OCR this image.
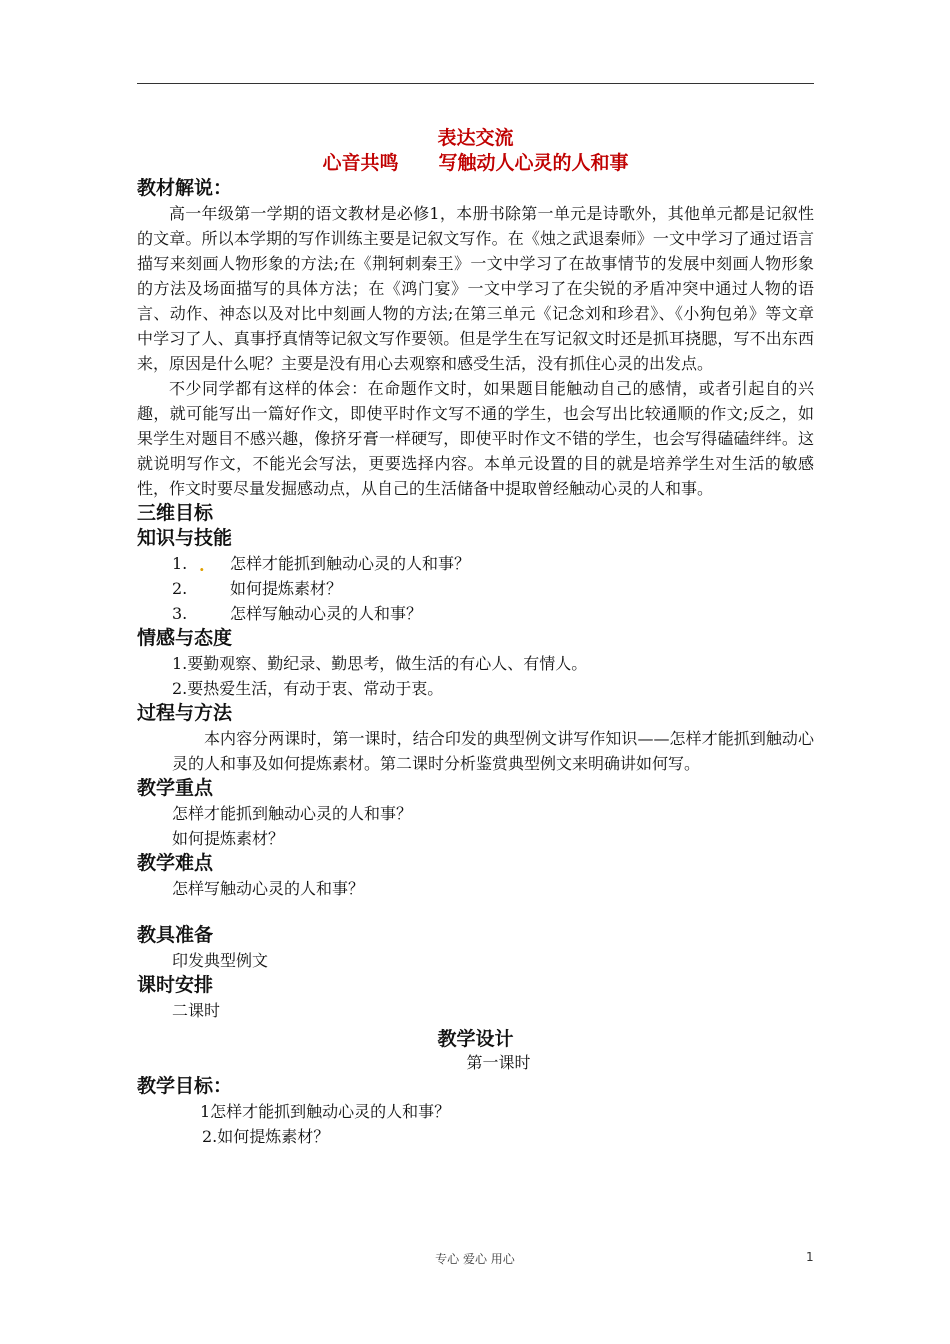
表达交流
心音共鸣 写触动人心灵的人和事
教材解说：

高一年级第一学期的语文教材是必修1，本册书除第一单元是诗歌外，其他单元都是记叙性的文章。所以本学期的写作训练主要是记叙文写作。在《烛之武退秦师》一文中学习了通过语言描写来刻画人物形象的方法;在《荆轲刺秦王》一文中学习了在故事情节的发展中刻画人物形象的方法及场面描写的具体方法；在《鸿门宴》一文中学习了在尖锐的矛盾冲突中通过人物的语言、动作、神态以及对比中刻画人物的方法;在第三单元《记念刘和珍君》、《小狗包弟》等文章中学习了人、真事抒真情等记叙文写作要领。但是学生在写记叙文时还是抓耳挠腮，写不出东西来，原因是什么呢？主要是没有用心去观察和感受生活，没有抓住心灵的出发点。

不少同学都有这样的体会：在命题作文时，如果题目能触动自己的感情，或者引起自的兴趣，就可能写出一篇好作文，即使平时作文写不通的学生，也会写出比较通顺的作文;反之，如果学生对题目不感兴趣，像挤牙膏一样硬写，即使平时作文不错的学生，也会写得磕磕绊绊。这就说明写作文，不能光会写法，更要选择内容。本单元设置的目的就是培养学生对生活的敏感性，作文时要尽量发掘感动点，从自己的生活储备中提取曾经触动心灵的人和事。

三维目标
知识与技能
1. . 怎样才能抓到触动心灵的人和事？
2.	如何提炼素材？
3.	怎样写触动心灵的人和事？
情感与态度
1.要勤观察、勤纪录、勤思考，做生活的有心人、有情人。
2.要热爱生活，有动于衷、常动于衷。
过程与方法

本内容分两课时，第一课时，结合印发的典型例文讲写作知识——怎样才能抓到触动心灵的人和事及如何提炼素材。第二课时分析鉴赏典型例文来明确讲如何写。

教学重点
怎样才能抓到触动心灵的人和事？
如何提炼素材？
教学难点
怎样写触动心灵的人和事？
教具准备
印发典型例文
课时安排
二课时
教学设计
第一课时
教学目标：
1怎样才能抓到触动心灵的人和事？
2.如何提炼素材？
专心 爱心 用心	1
